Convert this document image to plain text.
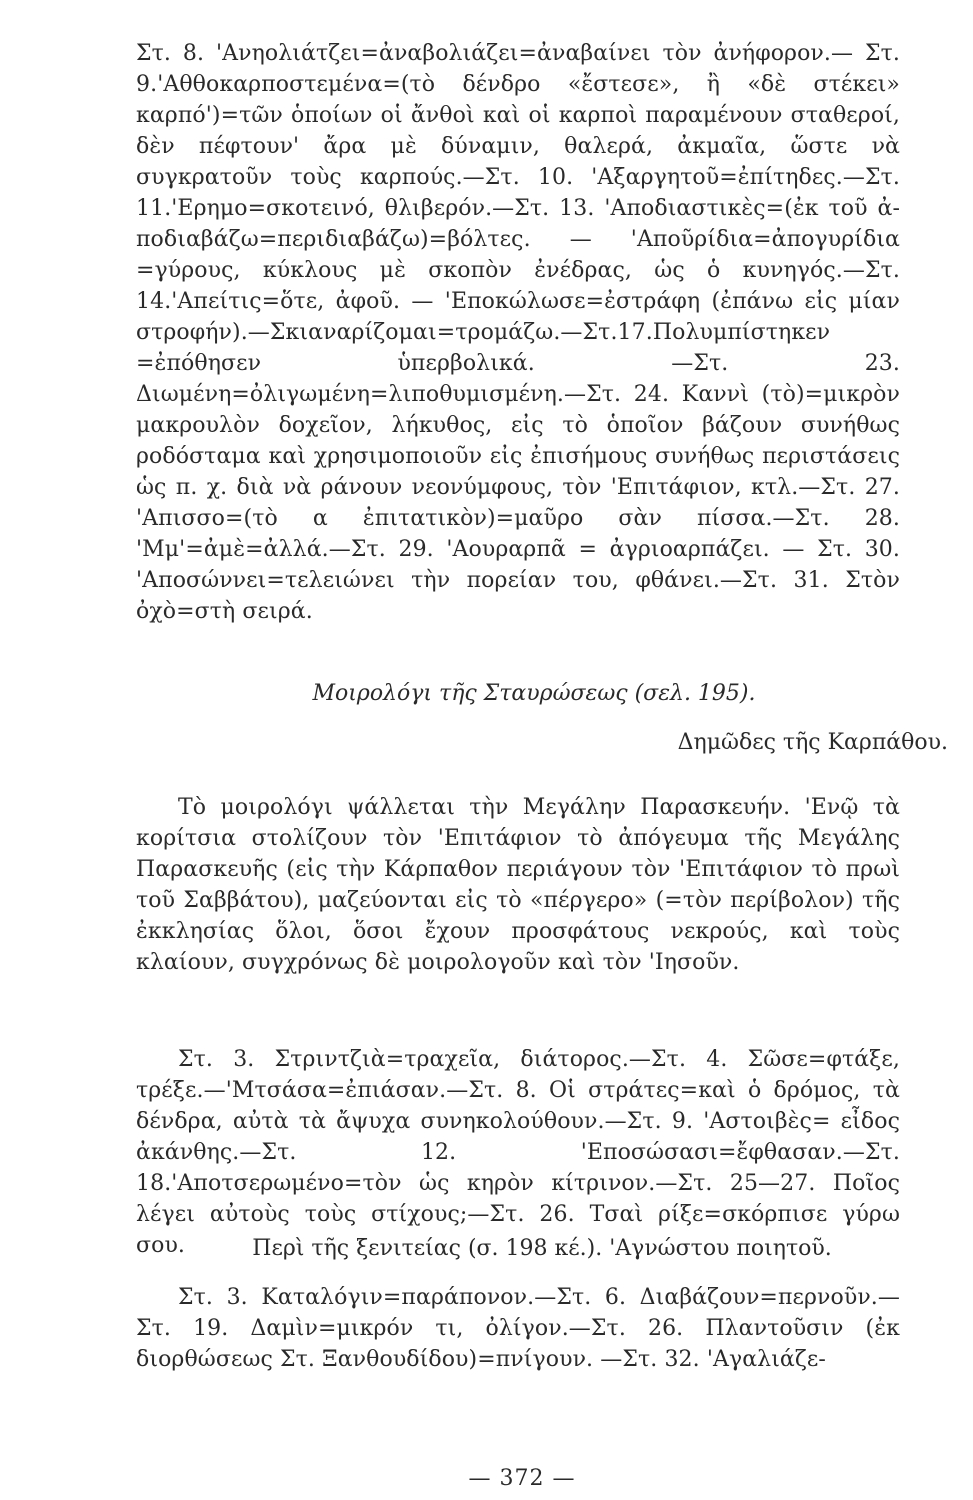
Στ. 8. 'Ανηολιάτζει=ἀναβολιάζει=ἀναβαίνει τὸν ἀνήφορον.— Στ. 9.'Αθθοκαρποστεμένα=(τὸ δένδρο «ἔστεσε», ἢ «δὲ στέκει» καρπό')=τῶν ὁποίων οἱ ἄνθοὶ καὶ οἱ καρποὶ παραμένουν σταθεροί, δὲν πέφτουν' ἄρα μὲ δύναμιν, θαλερά, ἀκμαῖα, ὥστε νὰ συγκρατοῦν τοὺς καρπούς.—Στ. 10. 'Αξαργητοῦ=ἐπίτηδες.—Στ. 11.'Ερημο=σκοτεινό, θλιβερόν.—Στ. 13. 'Αποδιαστικὲς=(ἐκ τοῦ ἀ-ποδιαβάζω=περιδιαβάζω)=βόλτες. — 'Αποῦρίδια=ἀπογυρίδια =γύρους, κύκλους μὲ σκοπὸν ἐνέδρας, ὡς ὁ κυνηγός.—Στ. 14.'Απείτις=ὅτε, ἀφοῦ. — 'Εποκώλωσε=ἐστράφη (ἐπάνω εἰς μίαν στροφήν).—Σκιαναρίζομαι=τρομάζω.—Στ.17.Πολυμπίστηκεν =ἐπόθησεν ὑπερβολικά. —Στ. 23. Διωμένη=ὀλιγωμένη=λιποθυμισμένη.—Στ. 24. Καννὶ (τὸ)=μικρὸν μακρουλὸν δοχεῖον, λήκυθος, εἰς τὸ ὁποῖον βάζουν συνήθως ροδόσταμα καὶ χρησιμοποιοῦν εἰς ἐπισήμους συνήθως περιστάσεις ὡς π. χ. διὰ νὰ ράνουν νεονύμφους, τὸν 'Επιτάφιον, κτλ.—Στ. 27. 'Απισσο=(τὸ α ἐπιτατικὸν)=μαῦρο σὰν πίσσα.—Στ. 28. 'Μμ'=ἀμὲ=ἀλλά.—Στ. 29. 'Αουραρπᾶ = ἀγριοαρπάζει. — Στ. 30. 'Αποσώννει=τελειώνει τὴν πορείαν του, φθάνει.—Στ. 31. Στὸν ὀχὸ=στὴ σειρά.

Μοιρολόγι τῆς Σταυρώσεως (σελ. 195).
Δημῶδες τῆς Καρπάθου.

Τὸ μοιρολόγι ψάλλεται τὴν Μεγάλην Παρασκευήν. 'Ενῷ τὰ κορίτσια στολίζουν τὸν 'Επιτάφιον τὸ ἀπόγευμα τῆς Μεγάλης Παρασκευῆς (εἰς τὴν Κάρπαθον περιάγουν τὸν 'Επιτάφιον τὸ πρωὶ τοῦ Σαββάτου), μαζεύονται εἰς τὸ «πέργερο» (=τὸν περίβολον) τῆς ἐκκλησίας ὅλοι, ὅσοι ἔχουν προσφάτους νεκρούς, καὶ τοὺς κλαίουν, συγχρόνως δὲ μοιρολογοῦν καὶ τὸν 'Ιησοῦν.

Στ. 3. Στριντζιὰ=τραχεῖα, διάτορος.—Στ. 4. Σῶσε=φτάξε, τρέξε.—'Μτσάσα=ἐπιάσαν.—Στ. 8. Οἱ στράτες=καὶ ὁ δρόμος, τὰ δένδρα, αὐτὰ τὰ ἄψυχα συνηκολούθουν.—Στ. 9. 'Αστοιβὲς= εἶδος ἀκάνθης.—Στ. 12. 'Εποσώσασι=ἔφθασαν.—Στ. 18.'Αποτσερωμένο=τὸν ὡς κηρὸν κίτρινον.—Στ. 25—27. Ποῖος λέγει αὐτοὺς τοὺς στίχους;—Στ. 26. Τσαὶ ρίξε=σκόρπισε γύρω σου.	Περὶ τῆς ξενιτείας (σ. 198 κέ.). 'Αγνώστου ποιητοῦ.

Στ. 3. Καταλόγιν=παράπονον.—Στ. 6. Διαβάζουν=περνοῦν.—Στ. 19. Δαμὶν=μικρόν τι, ὀλίγον.—Στ. 26. Πλαντοῦσιν (ἐκ διορθώσεως Στ. Ξανθουδίδου)=πνίγουν. —Στ. 32. 'Αγαλιάζε-

— 372 —
